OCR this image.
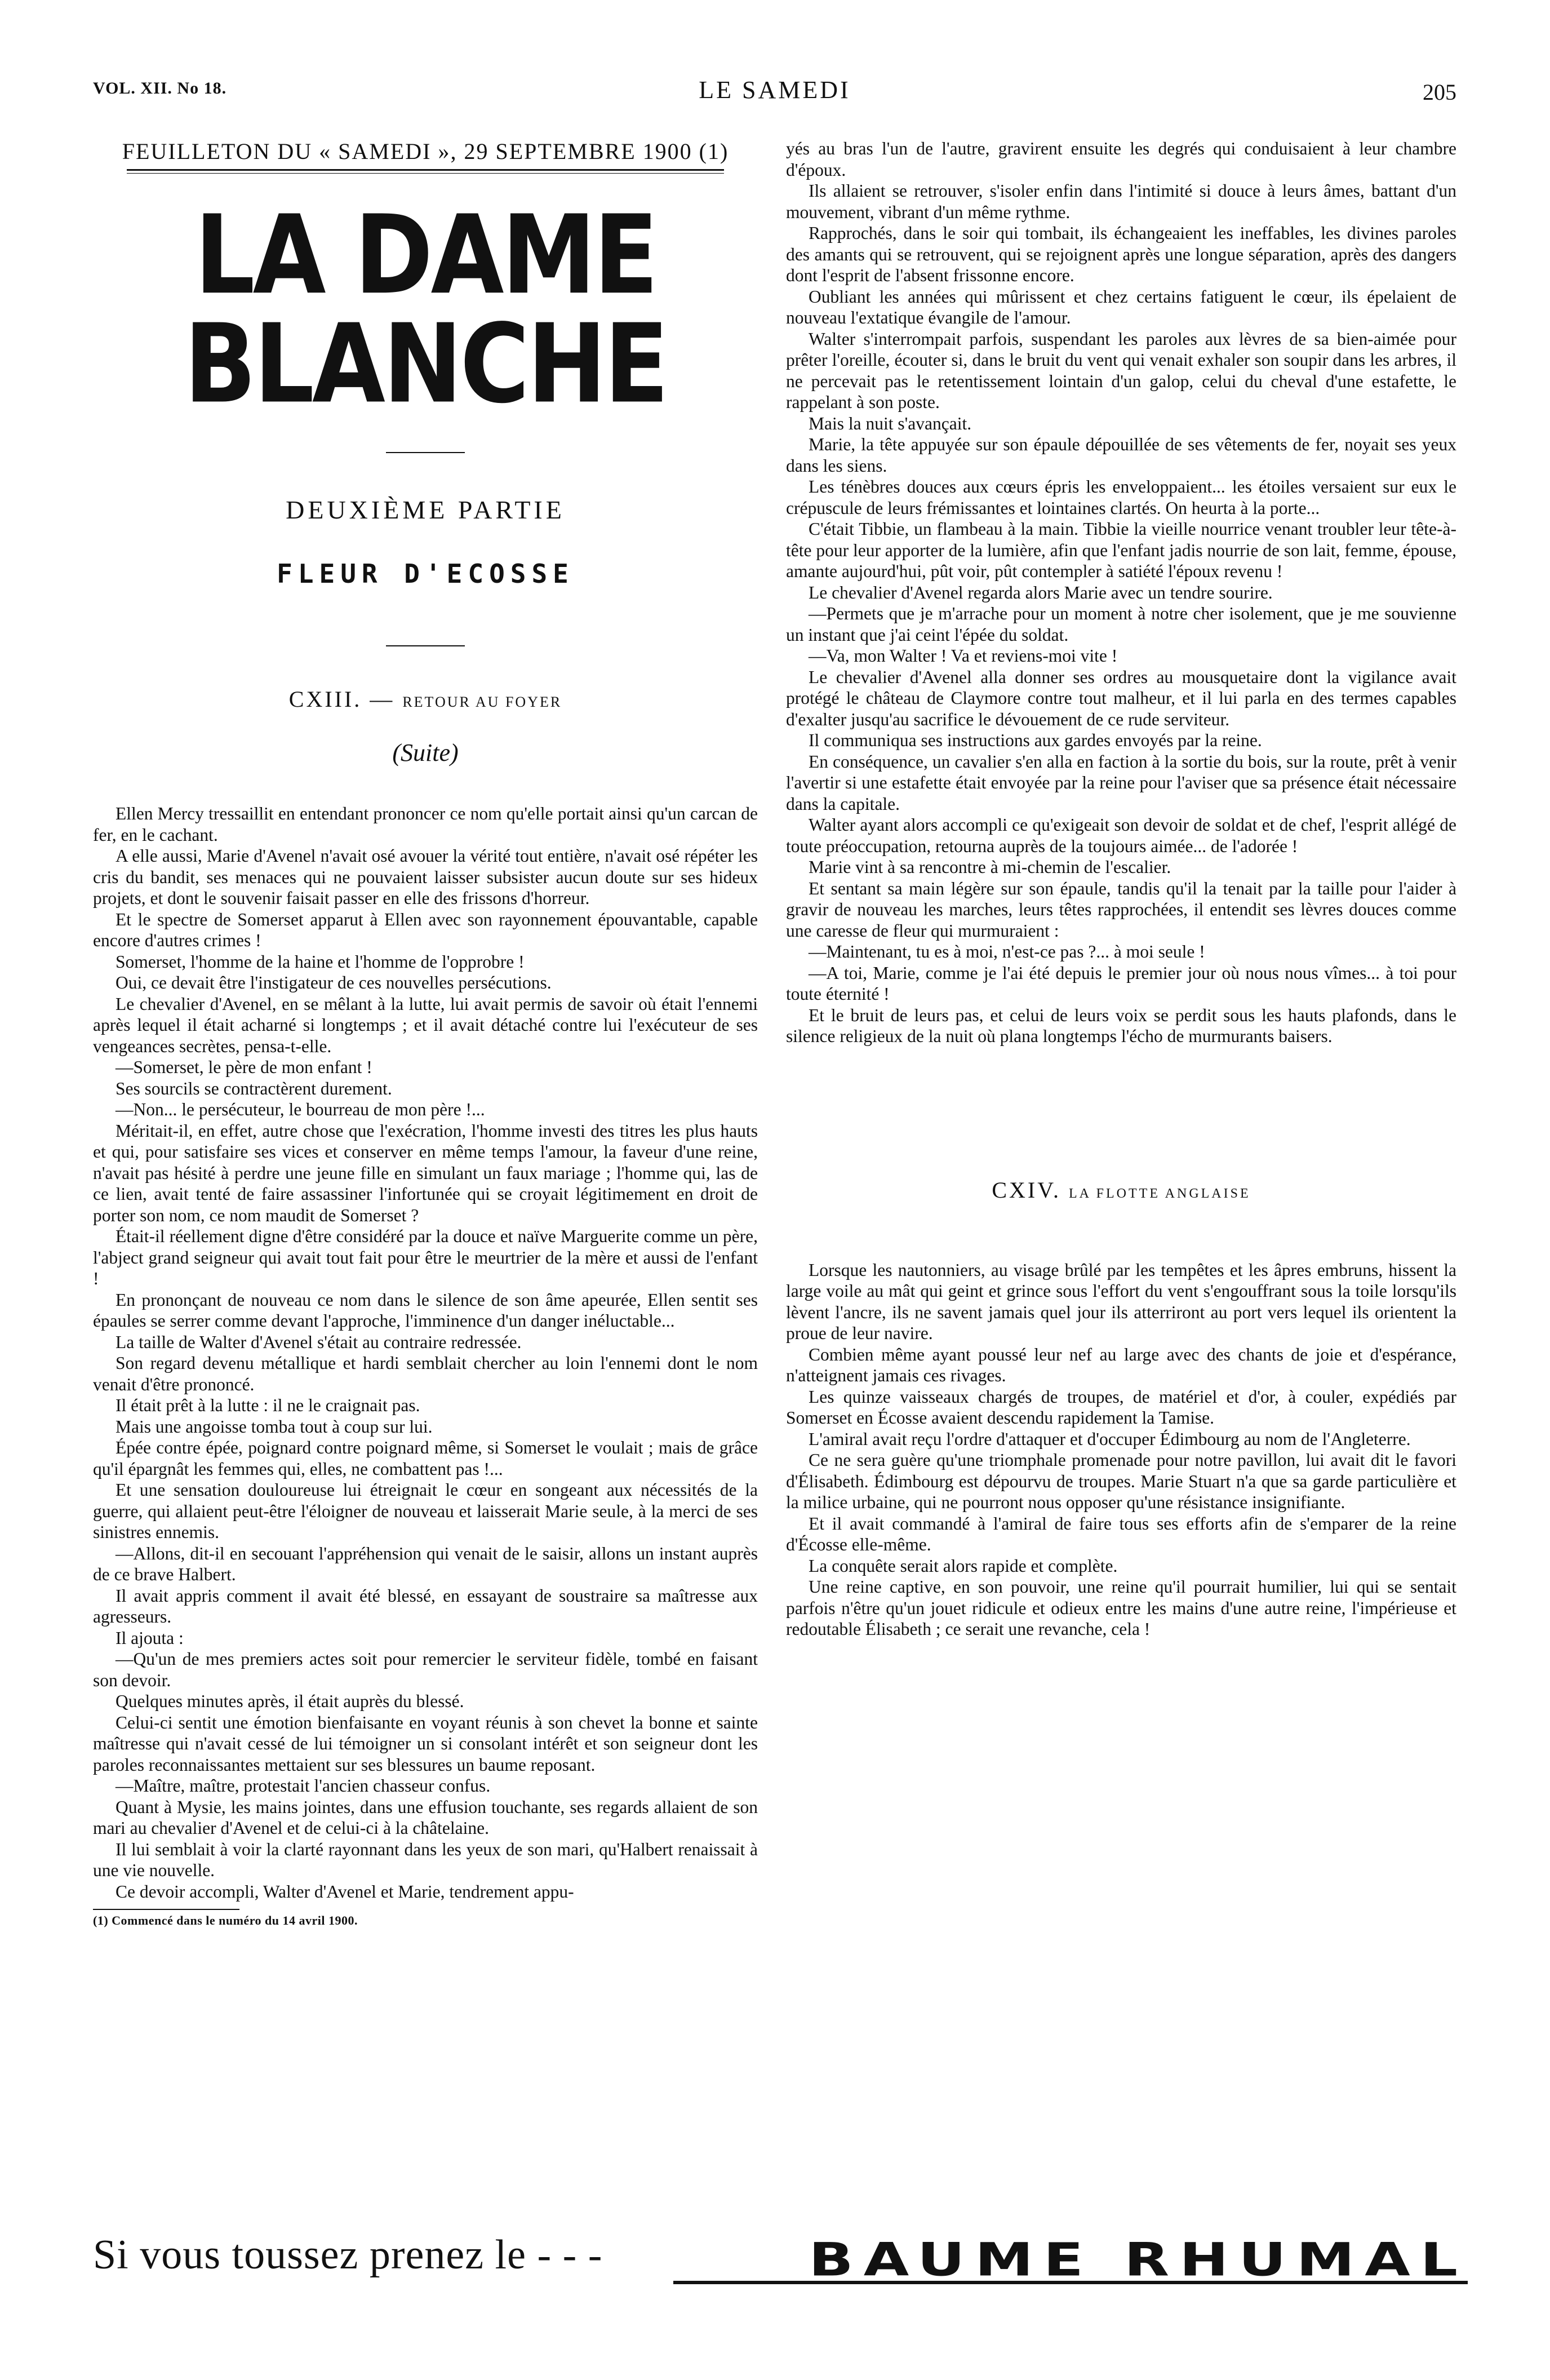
VOL. XII. No 18.	LE SAMEDI	205
FEUILLETON DU « SAMEDI », 29 SEPTEMBRE 1900 (1)
LA DAME BLANCHE
DEUXIÈME PARTIE
FLEUR D'ECOSSE
CXIII. — RETOUR AU FOYER
(Suite)

Ellen Mercy tressaillit en entendant prononcer ce nom qu'elle portait ainsi qu'un carcan de fer, en le cachant.

A elle aussi, Marie d'Avenel n'avait osé avouer la vérité tout entière, n'avait osé répéter les cris du bandit, ses menaces qui ne pouvaient laisser subsister aucun doute sur ses hideux projets, et dont le souvenir faisait passer en elle des frissons d'horreur.

Et le spectre de Somerset apparut à Ellen avec son rayonnement épouvantable, capable encore d'autres crimes !

Somerset, l'homme de la haine et l'homme de l'opprobre !

Oui, ce devait être l'instigateur de ces nouvelles persécutions.

Le chevalier d'Avenel, en se mêlant à la lutte, lui avait permis de savoir où était l'ennemi après lequel il était acharné si longtemps ; et il avait détaché contre lui l'exécuteur de ses vengeances secrètes, pensa-t-elle.

—Somerset, le père de mon enfant !

Ses sourcils se contractèrent durement.

—Non... le persécuteur, le bourreau de mon père !...

Méritait-il, en effet, autre chose que l'exécration, l'homme investi des titres les plus hauts et qui, pour satisfaire ses vices et conserver en même temps l'amour, la faveur d'une reine, n'avait pas hésité à perdre une jeune fille en simulant un faux mariage ; l'homme qui, las de ce lien, avait tenté de faire assassiner l'infortunée qui se croyait légitimement en droit de porter son nom, ce nom maudit de Somerset ?

Était-il réellement digne d'être considéré par la douce et naïve Marguerite comme un père, l'abject grand seigneur qui avait tout fait pour être le meurtrier de la mère et aussi de l'enfant !

En prononçant de nouveau ce nom dans le silence de son âme apeurée, Ellen sentit ses épaules se serrer comme devant l'approche, l'imminence d'un danger inéluctable...

La taille de Walter d'Avenel s'était au contraire redressée.

Son regard devenu métallique et hardi semblait chercher au loin l'ennemi dont le nom venait d'être prononcé.

Il était prêt à la lutte : il ne le craignait pas.

Mais une angoisse tomba tout à coup sur lui.

Épée contre épée, poignard contre poignard même, si Somerset le voulait ; mais de grâce qu'il épargnât les femmes qui, elles, ne combattent pas !...

Et une sensation douloureuse lui étreignait le cœur en songeant aux nécessités de la guerre, qui allaient peut-être l'éloigner de nouveau et laisserait Marie seule, à la merci de ses sinistres ennemis.

—Allons, dit-il en secouant l'appréhension qui venait de le saisir, allons un instant auprès de ce brave Halbert.

Il avait appris comment il avait été blessé, en essayant de soustraire sa maîtresse aux agresseurs.

Il ajouta :

—Qu'un de mes premiers actes soit pour remercier le serviteur fidèle, tombé en faisant son devoir.

Quelques minutes après, il était auprès du blessé.

Celui-ci sentit une émotion bienfaisante en voyant réunis à son chevet la bonne et sainte maîtresse qui n'avait cessé de lui témoigner un si consolant intérêt et son seigneur dont les paroles reconnaissantes mettaient sur ses blessures un baume reposant.

—Maître, maître, protestait l'ancien chasseur confus.

Quant à Mysie, les mains jointes, dans une effusion touchante, ses regards allaient de son mari au chevalier d'Avenel et de celui-ci à la châtelaine.

Il lui semblait à voir la clarté rayonnant dans les yeux de son mari, qu'Halbert renaissait à une vie nouvelle.

Ce devoir accompli, Walter d'Avenel et Marie, tendrement appu-

(1) Commencé dans le numéro du 14 avril 1900.

yés au bras l'un de l'autre, gravirent ensuite les degrés qui conduisaient à leur chambre d'époux.

Ils allaient se retrouver, s'isoler enfin dans l'intimité si douce à leurs âmes, battant d'un mouvement, vibrant d'un même rythme.

Rapprochés, dans le soir qui tombait, ils échangeaient les ineffables, les divines paroles des amants qui se retrouvent, qui se rejoignent après une longue séparation, après des dangers dont l'esprit de l'absent frissonne encore.

Oubliant les années qui mûrissent et chez certains fatiguent le cœur, ils épelaient de nouveau l'extatique évangile de l'amour.

Walter s'interrompait parfois, suspendant les paroles aux lèvres de sa bien-aimée pour prêter l'oreille, écouter si, dans le bruit du vent qui venait exhaler son soupir dans les arbres, il ne percevait pas le retentissement lointain d'un galop, celui du cheval d'une estafette, le rappelant à son poste.

Mais la nuit s'avançait.

Marie, la tête appuyée sur son épaule dépouillée de ses vêtements de fer, noyait ses yeux dans les siens.

Les ténèbres douces aux cœurs épris les enveloppaient... les étoiles versaient sur eux le crépuscule de leurs frémissantes et lointaines clartés. On heurta à la porte...

C'était Tibbie, un flambeau à la main. Tibbie la vieille nourrice venant troubler leur tête-à-tête pour leur apporter de la lumière, afin que l'enfant jadis nourrie de son lait, femme, épouse, amante aujourd'hui, pût voir, pût contempler à satiété l'époux revenu !

Le chevalier d'Avenel regarda alors Marie avec un tendre sourire.

—Permets que je m'arrache pour un moment à notre cher isolement, que je me souvienne un instant que j'ai ceint l'épée du soldat.

—Va, mon Walter ! Va et reviens-moi vite !

Le chevalier d'Avenel alla donner ses ordres au mousquetaire dont la vigilance avait protégé le château de Claymore contre tout malheur, et il lui parla en des termes capables d'exalter jusqu'au sacrifice le dévouement de ce rude serviteur.

Il communiqua ses instructions aux gardes envoyés par la reine.

En conséquence, un cavalier s'en alla en faction à la sortie du bois, sur la route, prêt à venir l'avertir si une estafette était envoyée par la reine pour l'aviser que sa présence était nécessaire dans la capitale.

Walter ayant alors accompli ce qu'exigeait son devoir de soldat et de chef, l'esprit allégé de toute préoccupation, retourna auprès de la toujours aimée... de l'adorée !

Marie vint à sa rencontre à mi-chemin de l'escalier.

Et sentant sa main légère sur son épaule, tandis qu'il la tenait par la taille pour l'aider à gravir de nouveau les marches, leurs têtes rapprochées, il entendit ses lèvres douces comme une caresse de fleur qui murmuraient :

—Maintenant, tu es à moi, n'est-ce pas ?... à moi seule !

—A toi, Marie, comme je l'ai été depuis le premier jour où nous nous vîmes... à toi pour toute éternité !

Et le bruit de leurs pas, et celui de leurs voix se perdit sous les hauts plafonds, dans le silence religieux de la nuit où plana longtemps l'écho de murmurants baisers.

CXIV. LA FLOTTE ANGLAISE

Lorsque les nautonniers, au visage brûlé par les tempêtes et les âpres embruns, hissent la large voile au mât qui geint et grince sous l'effort du vent s'engouffrant sous la toile lorsqu'ils lèvent l'ancre, ils ne savent jamais quel jour ils atterriront au port vers lequel ils orientent la proue de leur navire.

Combien même ayant poussé leur nef au large avec des chants de joie et d'espérance, n'atteignent jamais ces rivages.

Les quinze vaisseaux chargés de troupes, de matériel et d'or, à couler, expédiés par Somerset en Écosse avaient descendu rapidement la Tamise.

L'amiral avait reçu l'ordre d'attaquer et d'occuper Édimbourg au nom de l'Angleterre.

Ce ne sera guère qu'une triomphale promenade pour notre pavillon, lui avait dit le favori d'Élisabeth. Édimbourg est dépourvu de troupes. Marie Stuart n'a que sa garde particulière et la milice urbaine, qui ne pourront nous opposer qu'une résistance insignifiante.

Et il avait commandé à l'amiral de faire tous ses efforts afin de s'emparer de la reine d'Écosse elle-même.

La conquête serait alors rapide et complète.

Une reine captive, en son pouvoir, une reine qu'il pourrait humilier, lui qui se sentait parfois n'être qu'un jouet ridicule et odieux entre les mains d'une autre reine, l'impérieuse et redoutable Élisabeth ; ce serait une revanche, cela !

Si vous toussez prenez le - - -	BAUME RHUMAL
